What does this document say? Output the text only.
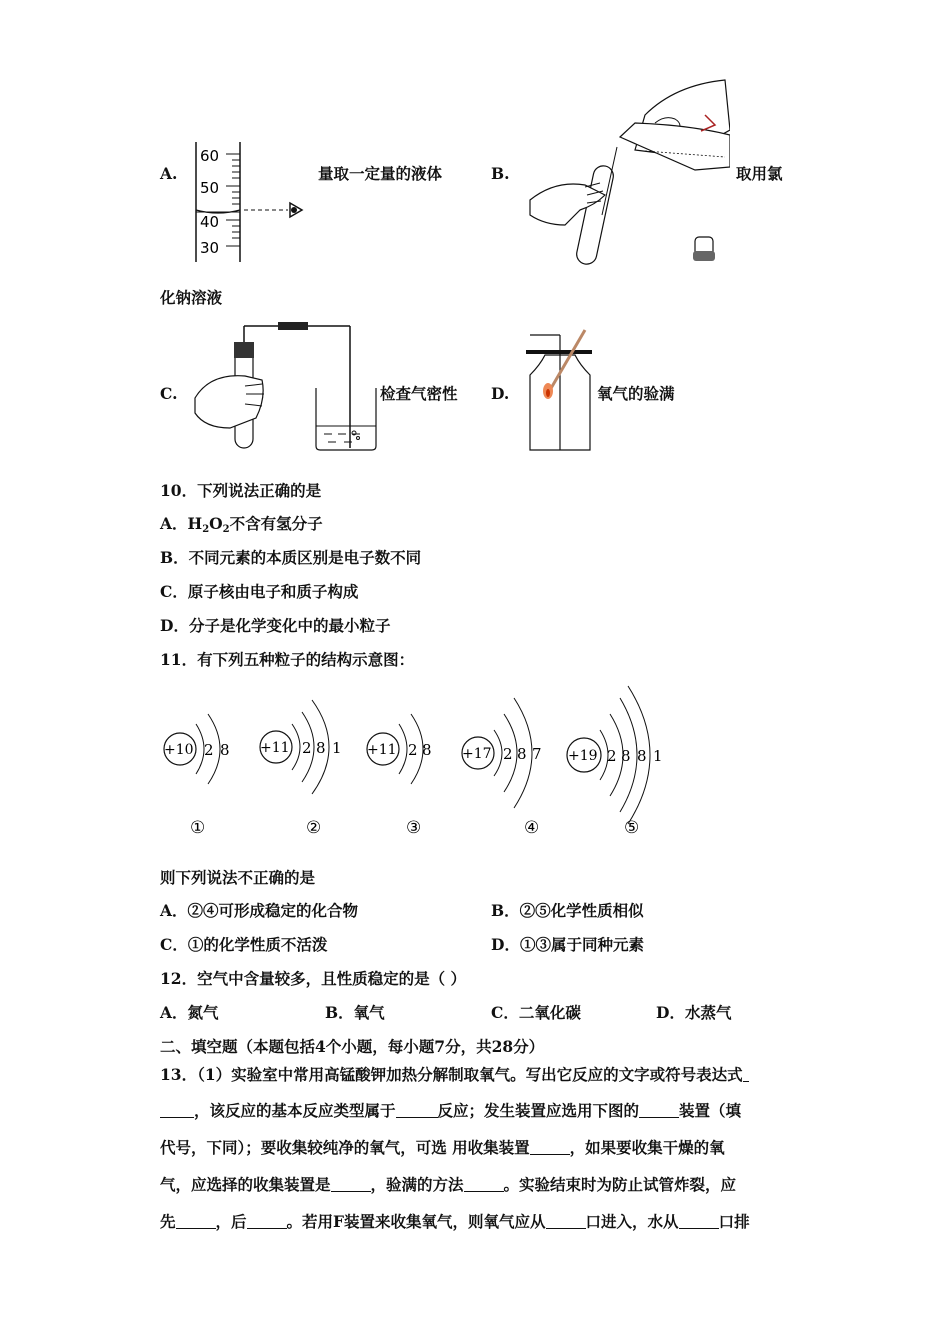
A.
60
50
40
30
量取一定量的液体	B.	取用氯
化钠溶液
C.	检查气密性 D.	氧气的验满
10．下列说法正确的是
A．$H_2O_2$不含有氢分子
B．不同元素的本质区别是电子数不同
C．原子核由电子和质子构成
D．分子是化学变化中的最小粒子
11．有下列五种粒子的结构示意图：
+10 2 8
①
+11 2 8 1
②
+11 2 8
③
+17 2 8 7
④
+19 2 8 8 1
⑤
则下列说法不正确的是
A．②④可形成稳定的化合物	B．②⑤化学性质相似
C．①的化学性质不活泼	D．①③属于同种元素
12．空气中含量较多，且性质稳定的是（ ）
A．氮气	B．氧气	C．二氧化碳	D．水蒸气
二、填空题（本题包括4个小题，每小题7分，共28分）
13．（1）实验室中常用高锰酸钾加热分解制取氧气。写出它反应的文字或符号表达式
，该反应的基本反应类型属于	反应；发生装置应选用下图的	装置（填
代号，下同）；要收集较纯净的氧气，可选 用收集装置	，如果要收集干燥的氧
气，应选择的收集装置是	，验满的方法	。实验结束时为防止试管炸裂，应
先	，后	。若用F装置来收集氧气，则氧气应从	口进入，水从	口排
